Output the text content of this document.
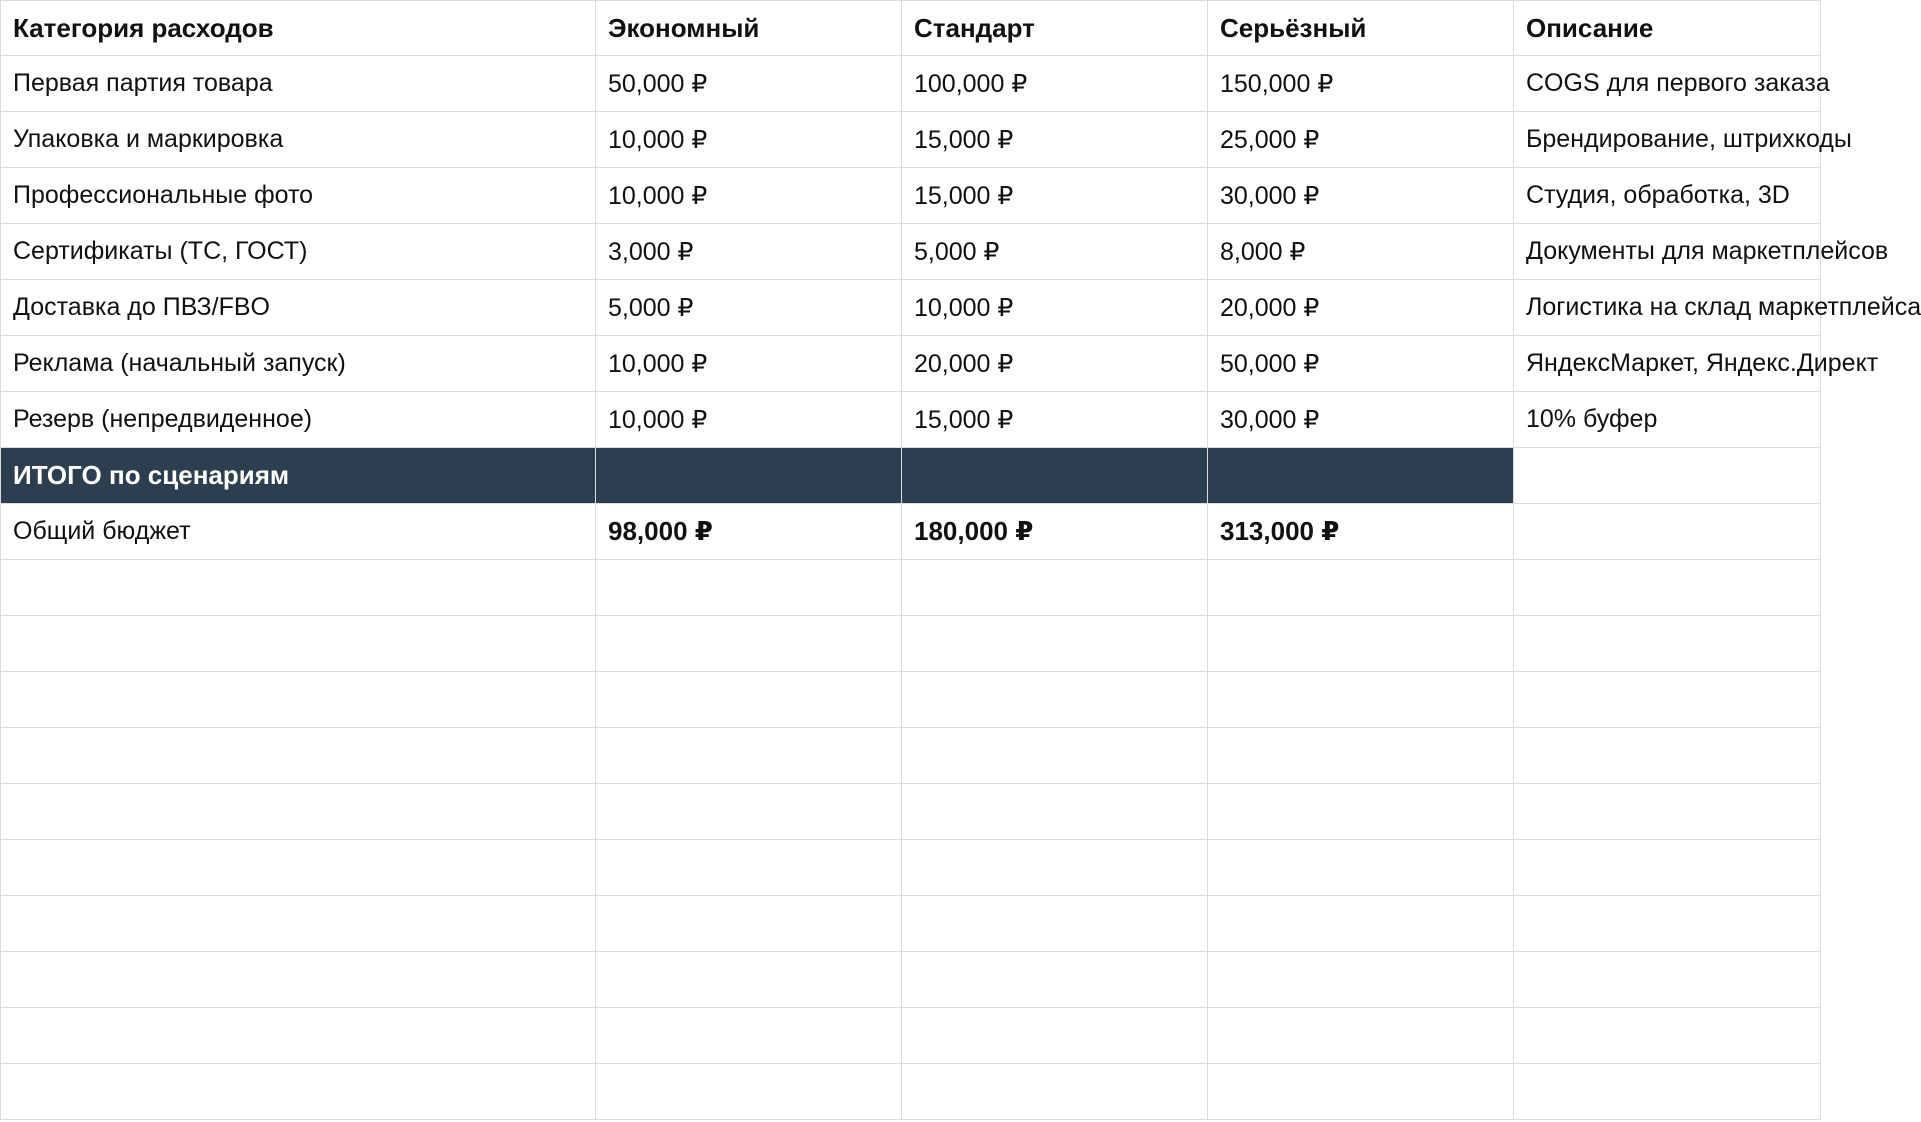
Категория расходов	Экономный	Стандарт	Серьёзный	Описание
Первая партия товара	50,000 ₽	100,000 ₽	150,000 ₽	COGS для первого заказа
Упаковка и маркировка	10,000 ₽	15,000 ₽	25,000 ₽	Брендирование, штрихкоды
Профессиональные фото	10,000 ₽	15,000 ₽	30,000 ₽	Студия, обработка, 3D
Сертификаты (ТС, ГОСТ)	3,000 ₽	5,000 ₽	8,000 ₽	Документы для маркетплейсов
Доставка до ПВЗ/FBO	5,000 ₽	10,000 ₽	20,000 ₽	Логистика на склад маркетплейса
Реклама (начальный запуск)	10,000 ₽	20,000 ₽	50,000 ₽	ЯндексМаркет, Яндекс.Директ
Резерв (непредвиденное)	10,000 ₽	15,000 ₽	30,000 ₽	10% буфер
ИТОГО по сценариям
Общий бюджет	98,000 ₽	180,000 ₽	313,000 ₽
